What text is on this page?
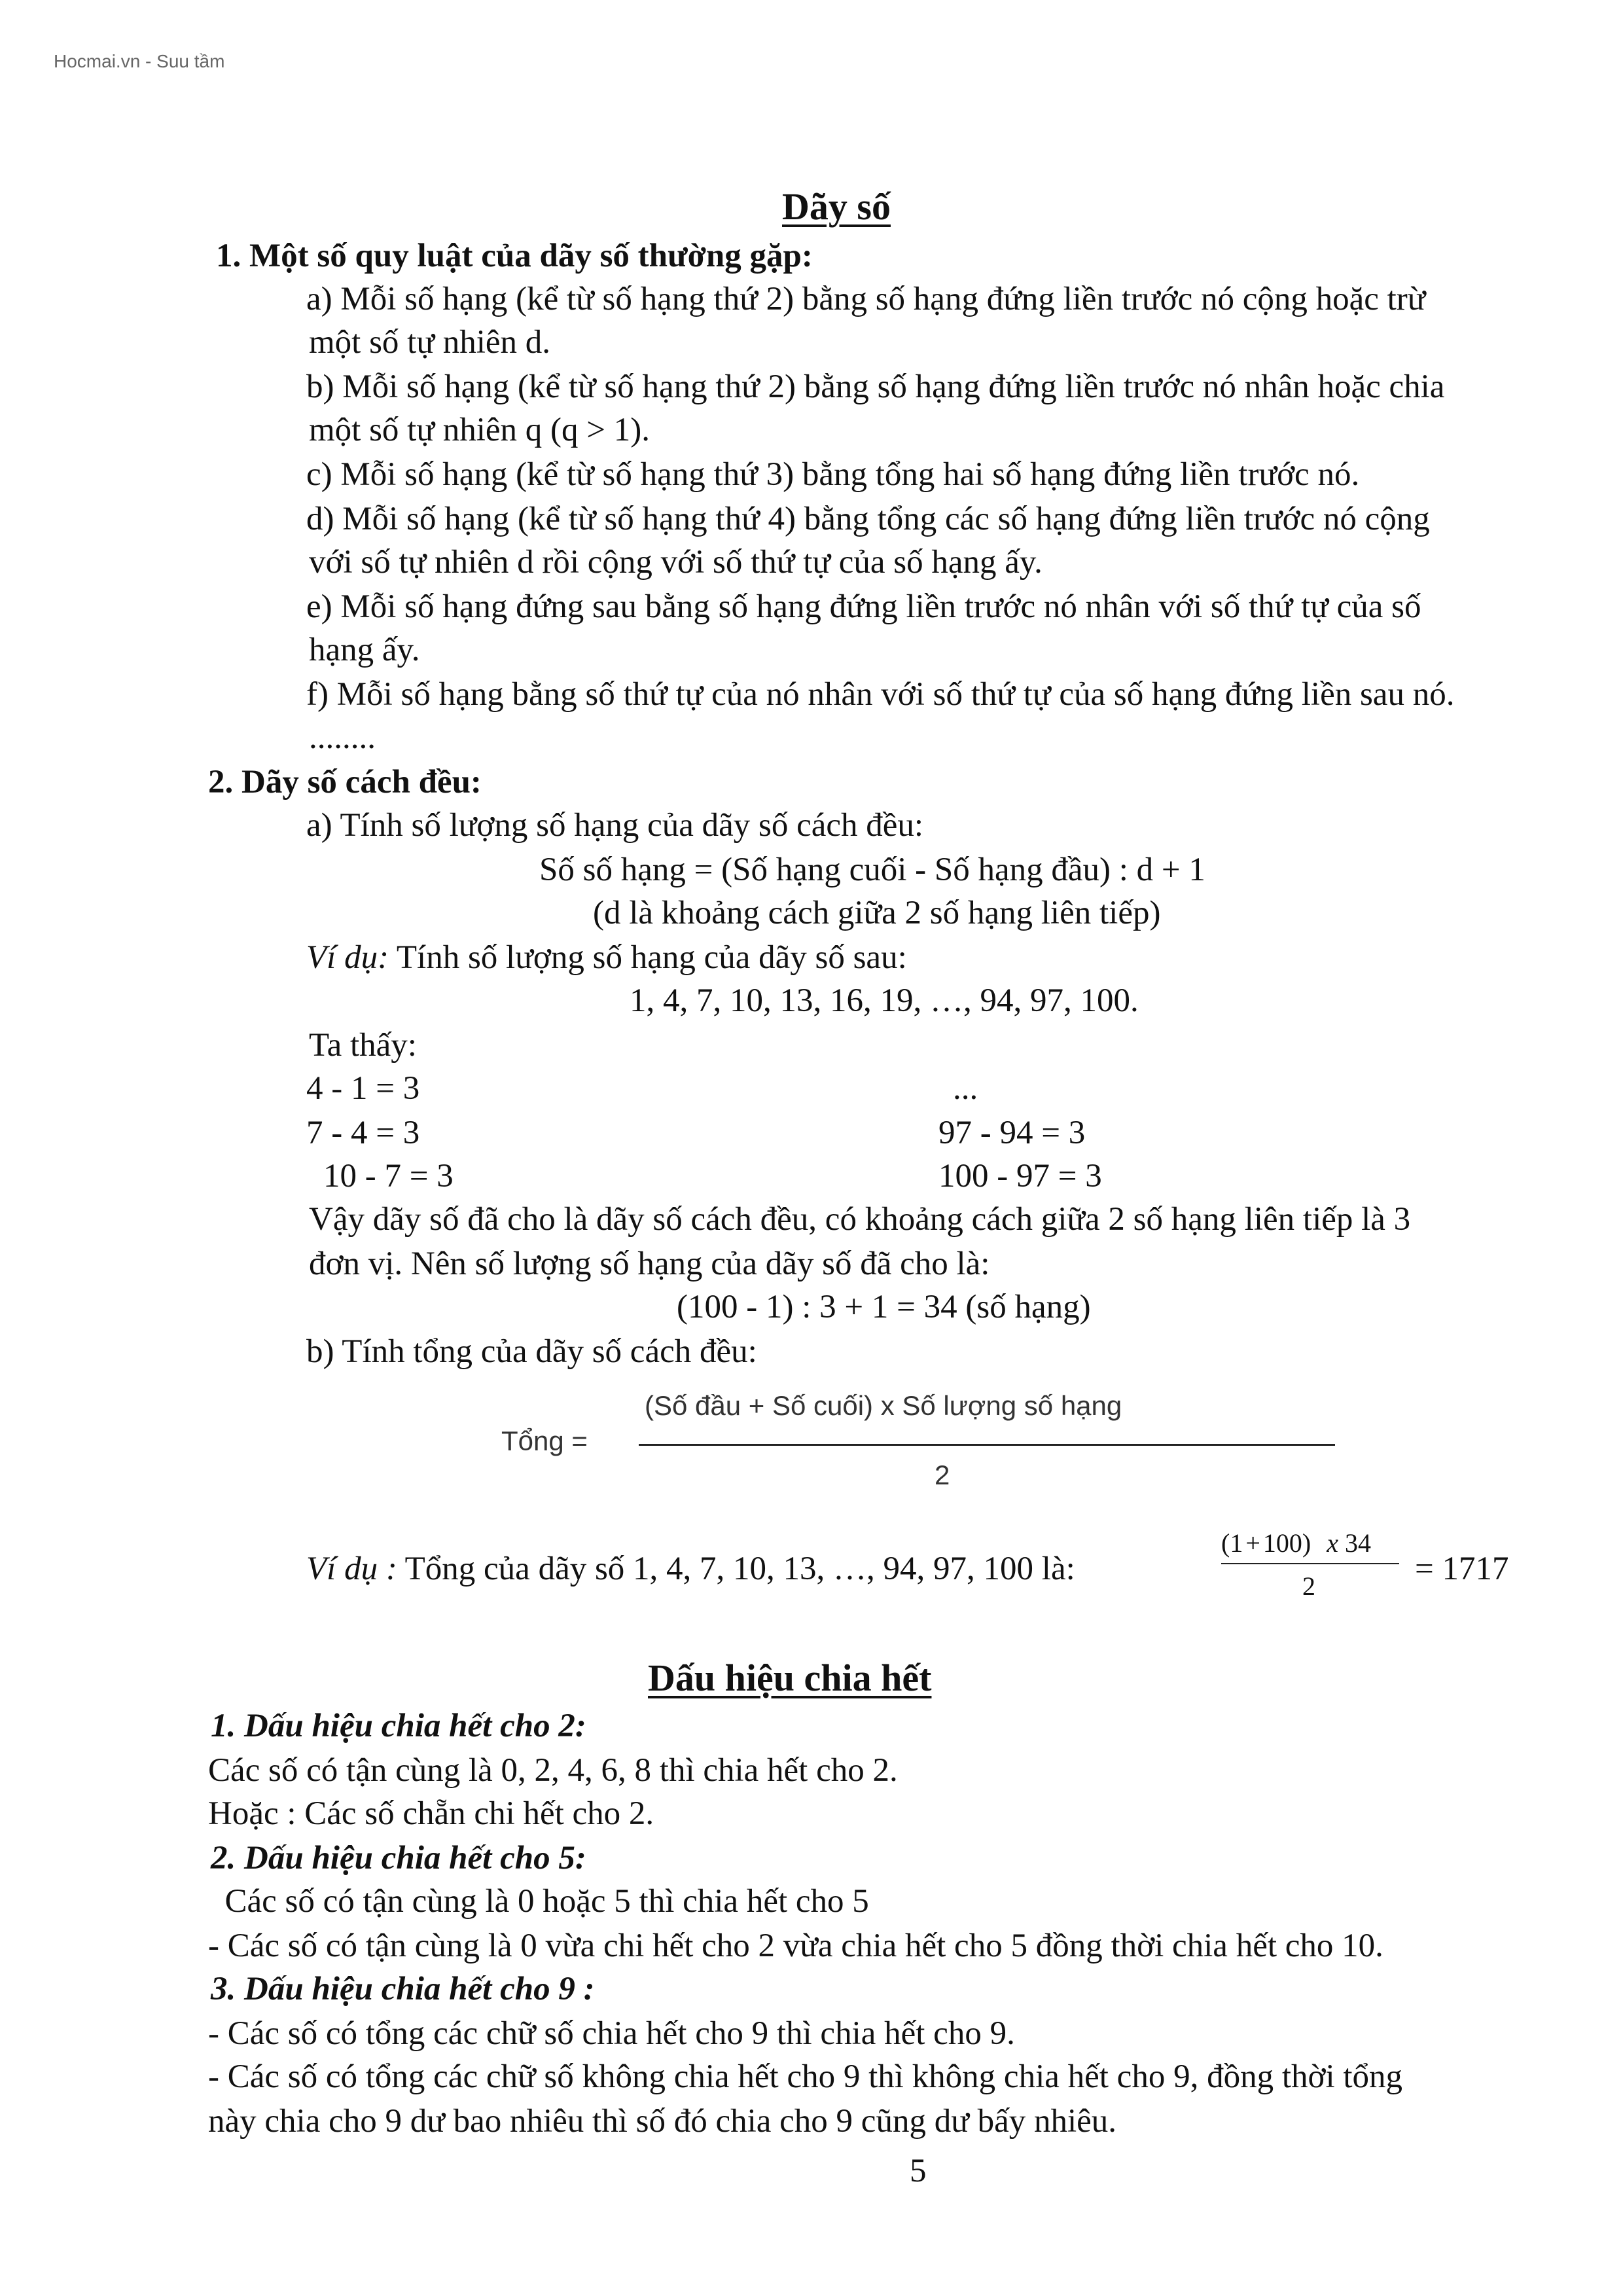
Hocmai.vn - Suu tầm
Dãy số
1. Một số quy luật của dãy số thường gặp:
a) Mỗi số hạng (kể từ số hạng thứ 2) bằng số hạng đứng liền trước nó cộng hoặc trừ
một số tự nhiên d.
b) Mỗi số hạng (kể từ số hạng thứ 2) bằng số hạng đứng liền trước nó nhân hoặc chia
một số tự nhiên q (q > 1).
c) Mỗi số hạng (kể từ số hạng thứ 3) bằng tổng hai số hạng đứng liền trước nó.
d) Mỗi số hạng (kể từ số hạng thứ 4) bằng tổng các số hạng đứng liền trước nó cộng
với số tự nhiên d rồi cộng với số thứ tự của số hạng ấy.
e) Mỗi số hạng đứng sau bằng số hạng đứng liền trước nó nhân với số thứ tự của số
hạng ấy.
f) Mỗi số hạng bằng số thứ tự của nó nhân với số thứ tự của số hạng đứng liền sau nó.
........
Vậy dãy số đã cho là dãy số cách đều, có khoảng cách giữa 2 số hạng liên tiếp là 3
đơn vị. Nên số lượng số hạng của dãy số đã cho là:
2. Dãy số cách đều:
a) Tính số lượng số hạng của dãy số cách đều:
Số số hạng = (Số hạng cuối - Số hạng đầu) : d + 1
(d là khoảng cách giữa 2 số hạng liên tiếp)
Ví dụ: Tính số lượng số hạng của dãy số sau:
1, 4, 7, 10, 13, 16, 19, …, 94, 97, 100.
Ta thấy:
4 - 1 = 3
7 - 4 = 3
10 - 7 = 3
...
97 - 94 = 3
100 - 97 = 3
(100 - 1) : 3 + 1 = 34 (số hạng)
b) Tính tổng của dãy số cách đều:
Tổng =
(Số đầu + Số cuối) x Số lượng số hạng
2
Ví dụ : Tổng của dãy số 1, 4, 7, 10, 13, …, 94, 97, 100 là:
(1 + 100) x 34
2	= 1717
Dấu hiệu chia hết
1. Dấu hiệu chia hết cho 2:
Các số có tận cùng là 0, 2, 4, 6, 8 thì chia hết cho 2.
Hoặc : Các số chẵn chi hết cho 2.
2. Dấu hiệu chia hết cho 5:
Các số có tận cùng là 0 hoặc 5 thì chia hết cho 5
- Các số có tận cùng là 0 vừa chi hết cho 2 vừa chia hết cho 5 đồng thời chia hết cho 10.
3. Dấu hiệu chia hết cho 9 :
- Các số có tổng các chữ số chia hết cho 9 thì chia hết cho 9.
- Các số có tổng các chữ số không chia hết cho 9 thì không chia hết cho 9, đồng thời tổng
này chia cho 9 dư bao nhiêu thì số đó chia cho 9 cũng dư bấy nhiêu.
5
